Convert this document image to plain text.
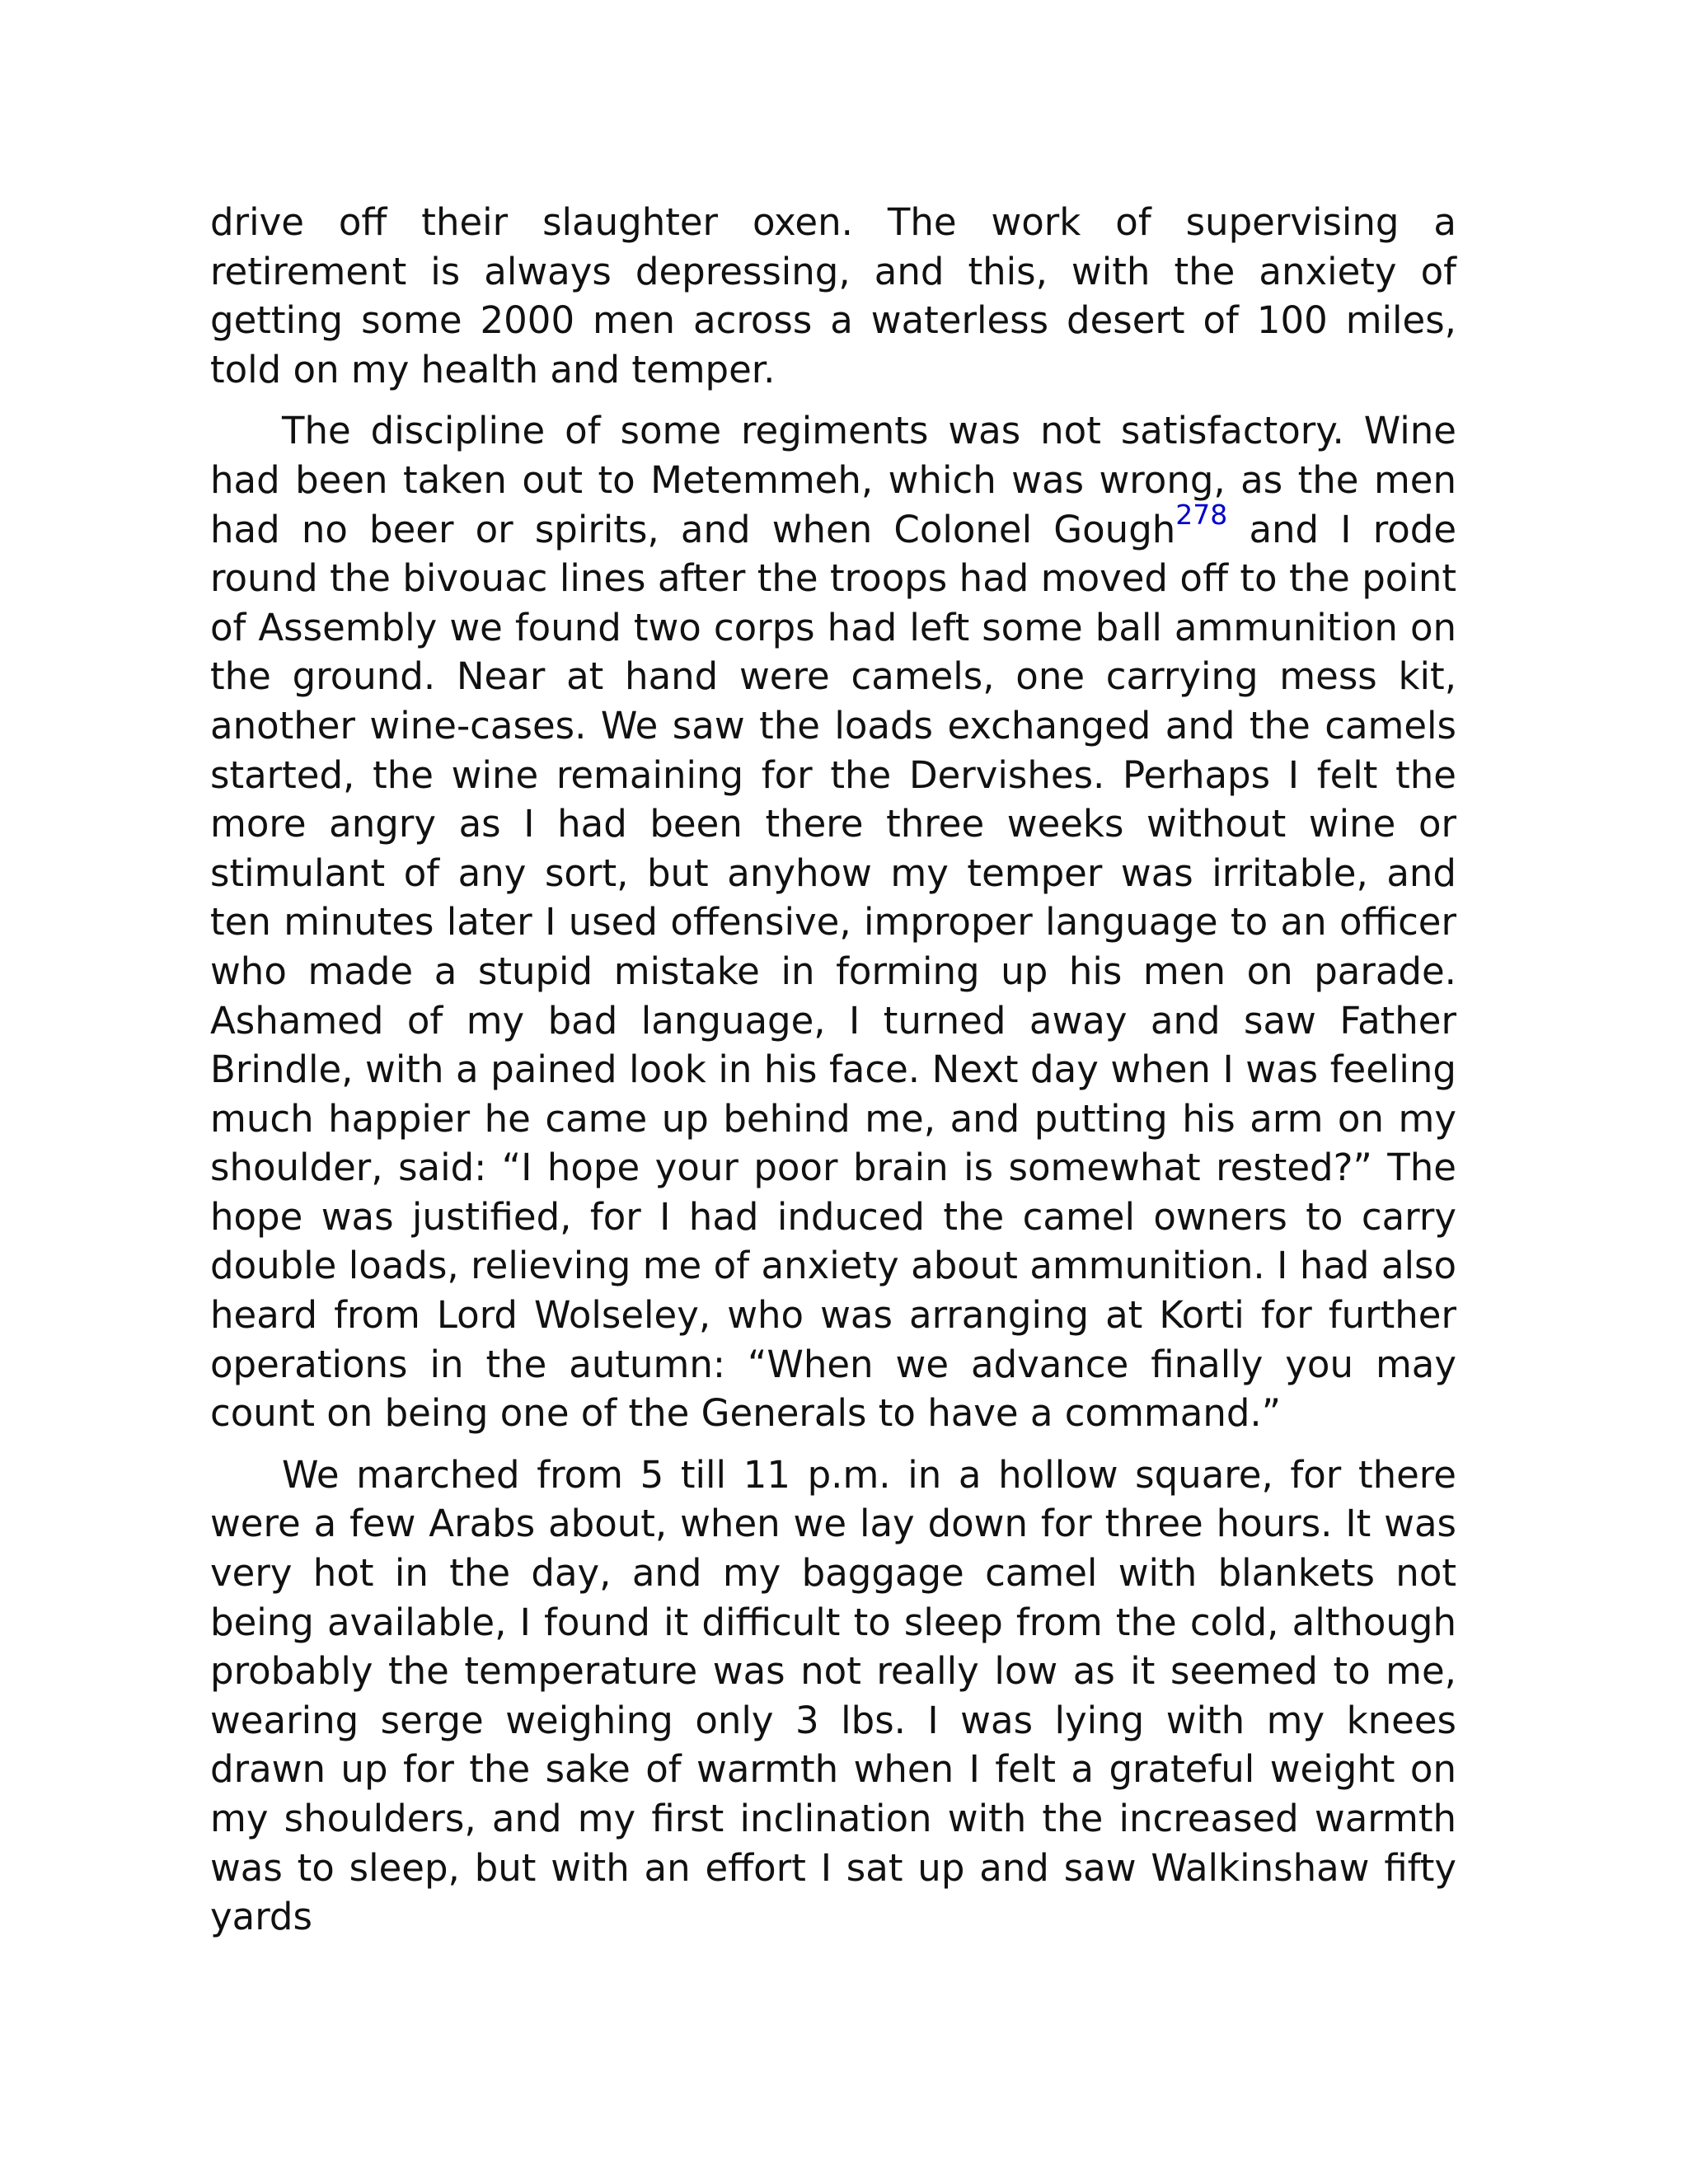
drive off their slaughter oxen. The work of supervising a retirement is always depressing, and this, with the anxiety of getting some 2000 men across a waterless desert of 100 miles, told on my health and temper.

The discipline of some regiments was not satisfactory. Wine had been taken out to Metemmeh, which was wrong, as the men had no beer or spirits, and when Colonel Gough$^{278}$ and I rode round the bivouac lines after the troops had moved off to the point of Assembly we found two corps had left some ball ammunition on the ground. Near at hand were camels, one carrying mess kit, another wine-cases. We saw the loads exchanged and the camels started, the wine remaining for the Dervishes. Perhaps I felt the more angry as I had been there three weeks without wine or stimulant of any sort, but anyhow my temper was irritable, and ten minutes later I used offensive, improper language to an officer who made a stupid mistake in forming up his men on parade. Ashamed of my bad language, I turned away and saw Father Brindle, with a pained look in his face. Next day when I was feeling much happier he came up behind me, and putting his arm on my shoulder, said: “I hope your poor brain is somewhat rested?” The hope was justified, for I had induced the camel owners to carry double loads, relieving me of anxiety about ammunition. I had also heard from Lord Wolseley, who was arranging at Korti for further operations in the autumn: “When we advance finally you may count on being one of the Generals to have a command.”

We marched from 5 till 11 p.m. in a hollow square, for there were a few Arabs about, when we lay down for three hours. It was very hot in the day, and my baggage camel with blankets not being available, I found it difficult to sleep from the cold, although probably the temperature was not really low as it seemed to me, wearing serge weighing only 3 lbs. I was lying with my knees drawn up for the sake of warmth when I felt a grateful weight on my shoulders, and my first inclination with the increased warmth was to sleep, but with an effort I sat up and saw Walkinshaw fifty yards
